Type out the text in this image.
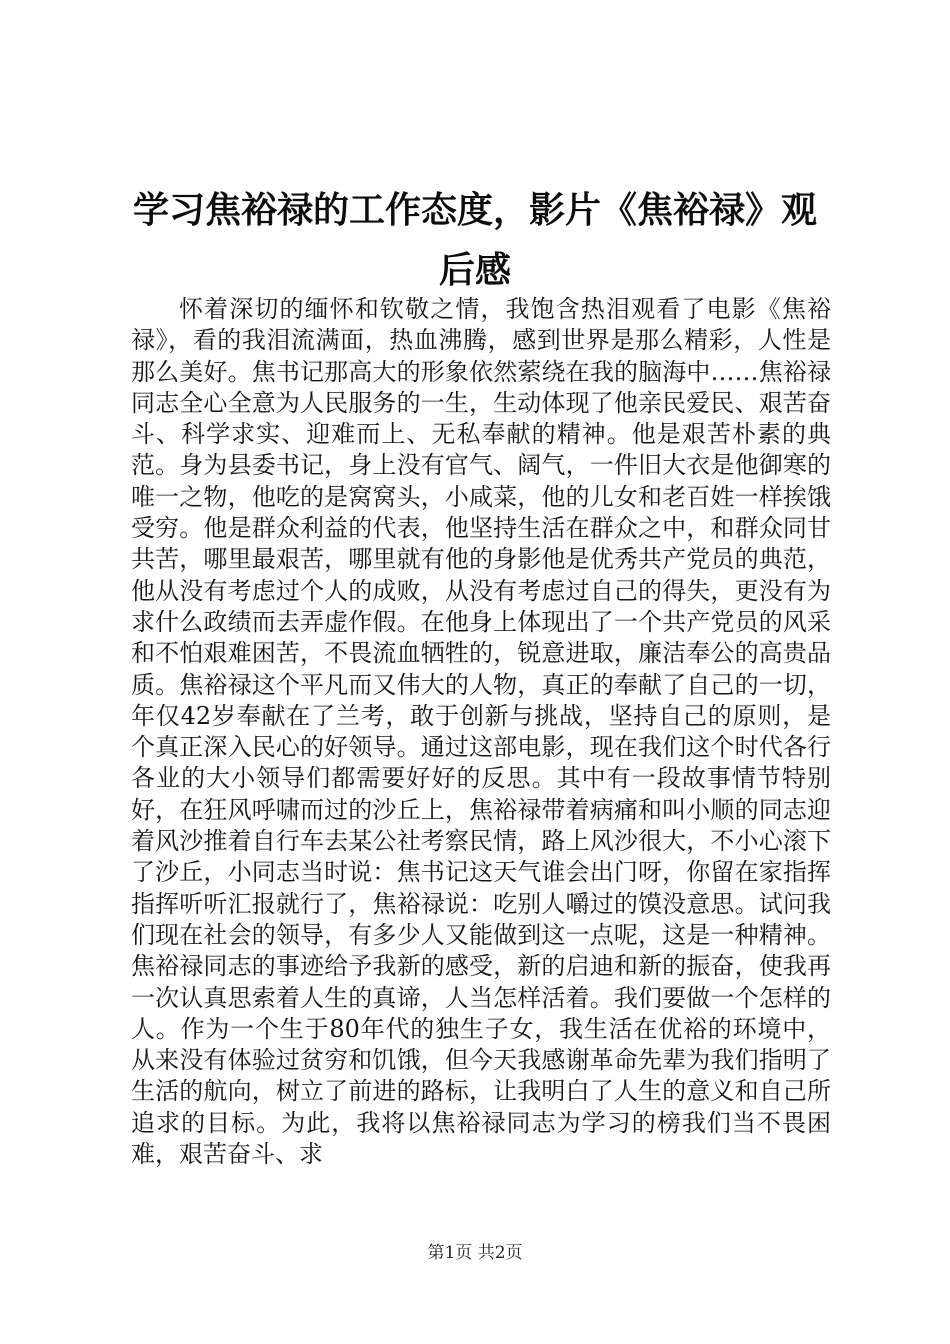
学习焦裕禄的工作态度，影片《焦裕禄》观后感

怀着深切的缅怀和钦敬之情，我饱含热泪观看了电影《焦裕禄》，看的我泪流满面，热血沸腾，感到世界是那么精彩，人性是那么美好。焦书记那高大的形象依然萦绕在我的脑海中……焦裕禄同志全心全意为人民服务的一生，生动体现了他亲民爱民、艰苦奋斗、科学求实、迎难而上、无私奉献的精神。他是艰苦朴素的典范。身为县委书记，身上没有官气、阔气，一件旧大衣是他御寒的唯一之物，他吃的是窝窝头，小咸菜，他的儿女和老百姓一样挨饿受穷。他是群众利益的代表，他坚持生活在群众之中，和群众同甘共苦，哪里最艰苦，哪里就有他的身影他是优秀共产党员的典范，他从没有考虑过个人的成败，从没有考虑过自己的得失，更没有为求什么政绩而去弄虚作假。在他身上体现出了一个共产党员的风采和不怕艰难困苦，不畏流血牺牲的，锐意进取，廉洁奉公的高贵品质。焦裕禄这个平凡而又伟大的人物，真正的奉献了自己的一切，年仅42岁奉献在了兰考，敢于创新与挑战，坚持自己的原则，是个真正深入民心的好领导。通过这部电影，现在我们这个时代各行各业的大小领导们都需要好好的反思。其中有一段故事情节特别好，在狂风呼啸而过的沙丘上，焦裕禄带着病痛和叫小顺的同志迎着风沙推着自行车去某公社考察民情，路上风沙很大，不小心滚下了沙丘，小同志当时说：焦书记这天气谁会出门呀，你留在家指挥指挥听听汇报就行了，焦裕禄说：吃别人嚼过的馍没意思。试问我们现在社会的领导，有多少人又能做到这一点呢，这是一种精神。焦裕禄同志的事迹给予我新的感受，新的启迪和新的振奋，使我再一次认真思索着人生的真谛，人当怎样活着。我们要做一个怎样的人。作为一个生于80年代的独生子女，我生活在优裕的环境中，从来没有体验过贫穷和饥饿，但今天我感谢革命先辈为我们指明了生活的航向，树立了前进的路标，让我明白了人生的意义和自己所追求的目标。为此，我将以焦裕禄同志为学习的榜我们当不畏困难，艰苦奋斗、求

第1页 共2页
